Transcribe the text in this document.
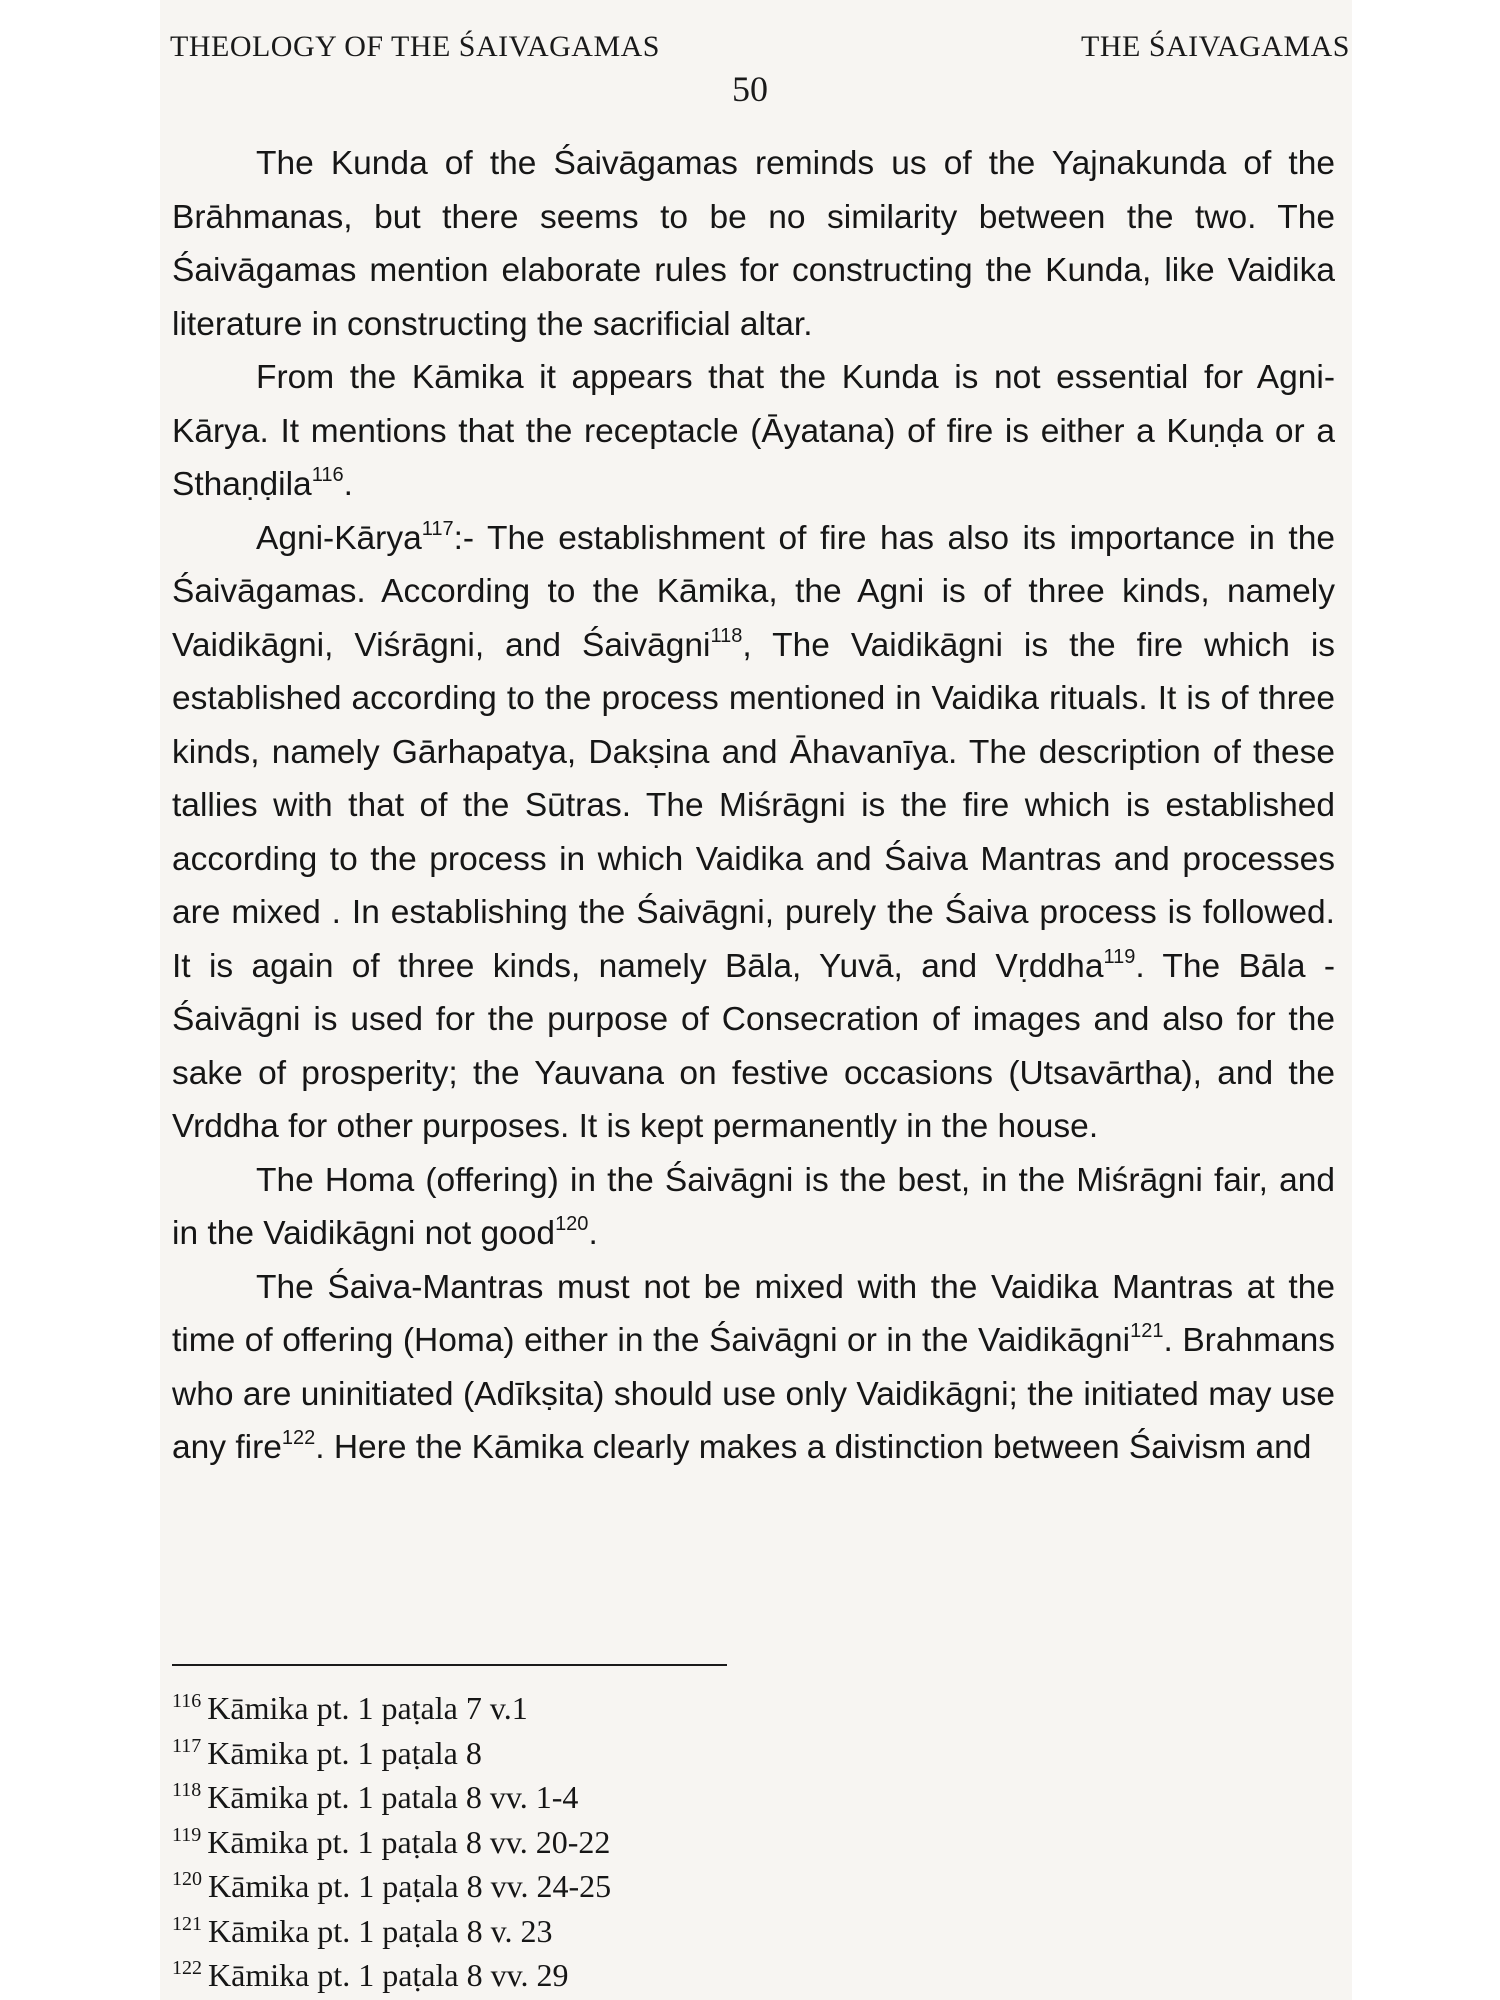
THEOLOGY OF THE ŚAIVAGAMAS	THE ŚAIVAGAMAS
50

The Kunda of the Śaivāgamas reminds us of the Yajnakunda of the Brāhmanas, but there seems to be no similarity between the two. The Śaivāgamas mention elaborate rules for constructing the Kunda, like Vaidika literature in constructing the sacrificial altar.

From the Kāmika it appears that the Kunda is not essential for Agni-Kārya. It mentions that the receptacle (Āyatana) of fire is either a Kuṇḍa or a Sthaṇḍila$^{116}$.

Agni-Kārya$^{117}$:- The establishment of fire has also its importance in the Śaivāgamas. According to the Kāmika, the Agni is of three kinds, namely Vaidikāgni, Viśrāgni, and Śaivāgni$^{118}$, The Vaidikāgni is the fire which is established according to the process mentioned in Vaidika rituals. It is of three kinds, namely Gārhapatya, Dakṣina and Āhavanīya. The description of these tallies with that of the Sūtras. The Miśrāgni is the fire which is established according to the process in which Vaidika and Śaiva Mantras and processes are mixed . In establishing the Śaivāgni, purely the Śaiva process is followed. It is again of three kinds, namely Bāla, Yuvā, and Vṛddha$^{119}$. The Bāla - Śaivāgni is used for the purpose of Consecration of images and also for the sake of prosperity; the Yauvana on festive occasions (Utsavārtha), and the Vrddha for other purposes. It is kept permanently in the house.

The Homa (offering) in the Śaivāgni is the best, in the Miśrāgni fair, and in the Vaidikāgni not good$^{120}$.

The Śaiva-Mantras must not be mixed with the Vaidika Mantras at the time of offering (Homa) either in the Śaivāgni or in the Vaidikāgni$^{121}$. Brahmans who are uninitiated (Adīkṣita) should use only Vaidikāgni; the initiated may use any fire$^{122}$. Here the Kāmika clearly makes a distinction between Śaivism and

$^{116}$ Kāmika pt. 1 paṭala 7 v.1
$^{117}$ Kāmika pt. 1 paṭala 8
$^{118}$ Kāmika pt. 1 patala 8 vv. 1-4
$^{119}$ Kāmika pt. 1 paṭala 8 vv. 20-22
$^{120}$ Kāmika pt. 1 paṭala 8 vv. 24-25
$^{121}$ Kāmika pt. 1 paṭala 8 v. 23
$^{122}$ Kāmika pt. 1 paṭala 8 vv. 29
